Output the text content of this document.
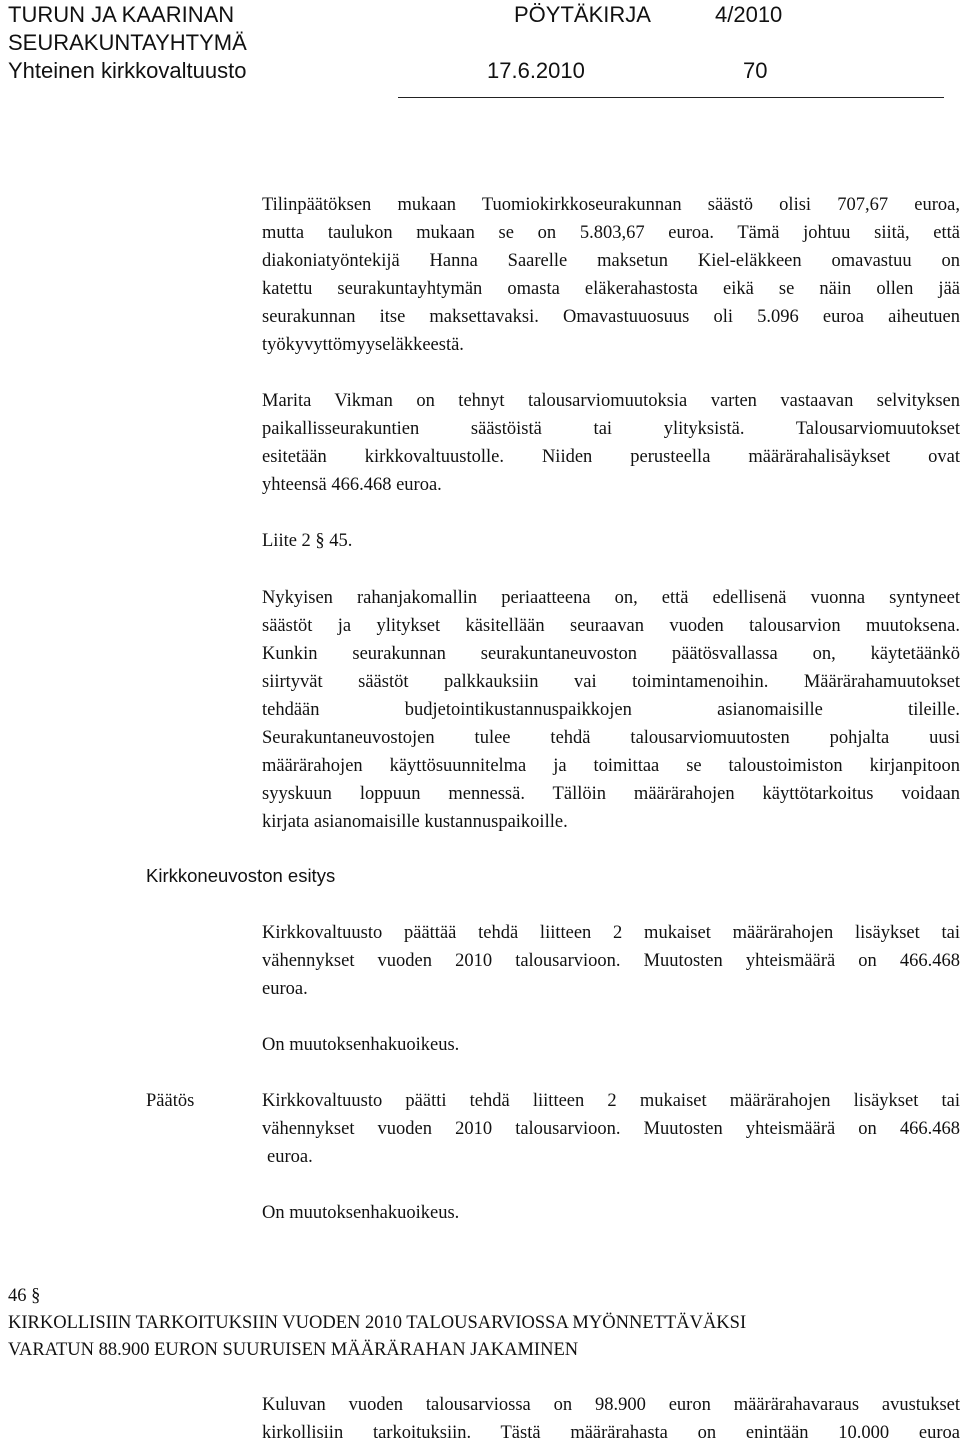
TURUN JA KAARINAN	PÖYTÄKIRJA	4/2010
SEURAKUNTAYHTYMÄ
Yhteinen kirkkovaltuusto	17.6.2010	70
Tilinpäätöksen mukaan Tuomiokirkkoseurakunnan säästö olisi 707,67 euroa,
mutta taulukon mukaan se on 5.803,67 euroa. Tämä johtuu siitä, että
diakoniatyöntekijä Hanna Saarelle maksetun Kiel-eläkkeen omavastuu on
katettu seurakuntayhtymän omasta eläkerahastosta eikä se näin ollen jää
seurakunnan itse maksettavaksi. Omavastuuosuus oli 5.096 euroa aiheutuen
työkyvyttömyyseläkkeestä.
Marita Vikman on tehnyt talousarviomuutoksia varten vastaavan selvityksen
paikallisseurakuntien säästöistä tai ylityksistä. Talousarviomuutokset
esitetään kirkkovaltuustolle. Niiden perusteella määrärahalisäykset ovat
yhteensä 466.468 euroa.
Liite 2 § 45.
Nykyisen rahanjakomallin periaatteena on, että edellisenä vuonna syntyneet
säästöt ja ylitykset käsitellään seuraavan vuoden talousarvion muutoksena.
Kunkin seurakunnan seurakuntaneuvoston päätösvallassa on, käytetäänkö
siirtyvät säästöt palkkauksiin vai toimintamenoihin. Määrärahamuutokset
tehdään budjetointikustannuspaikkojen asianomaisille tileille.
Seurakuntaneuvostojen tulee tehdä talousarviomuutosten pohjalta uusi
määrärahojen käyttösuunnitelma ja toimittaa se taloustoimiston kirjanpitoon
syyskuun loppuun mennessä. Tällöin määrärahojen käyttötarkoitus voidaan
kirjata asianomaisille kustannuspaikoille.
Kirkkoneuvoston esitys
Kirkkovaltuusto päättää tehdä liitteen 2 mukaiset määrärahojen lisäykset tai
vähennykset vuoden 2010 talousarvioon. Muutosten yhteismäärä on 466.468
euroa.
On muutoksenhakuoikeus.
Päätös	Kirkkovaltuusto päätti tehdä liitteen 2 mukaiset määrärahojen lisäykset tai
vähennykset vuoden 2010 talousarvioon. Muutosten yhteismäärä on 466.468
euroa.
On muutoksenhakuoikeus.
46 §
KIRKOLLISIIN TARKOITUKSIIN VUODEN 2010 TALOUSARVIOSSA MYÖNNETTÄVÄKSI
VARATUN 88.900 EURON SUURUISEN MÄÄRÄRAHAN JAKAMINEN
Kuluvan vuoden talousarviossa on 98.900 euron määrärahavaraus avustukset
kirkollisiin tarkoituksiin. Tästä määrärahasta on enintään 10.000 euroa
